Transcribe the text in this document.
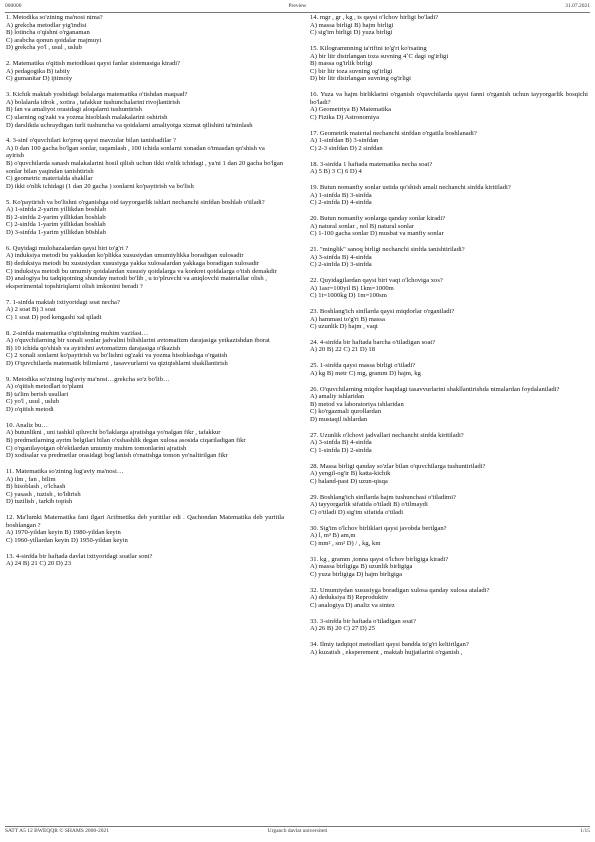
000000	Preview	31.07.2021
1. Metodika so'zining ma'nosi nima?
A) grekcha metodlar yig'indisi
B) lotincha o'qishni o'rganaman
C) arabcha qonun qoidalar majmuyi
D) grekcha yo'l , usul , uslub
2. Matematika o'qitish metodikasi qaysi fanlar sistemasiga kiradi?
A) pedagogika B) tabiiy
C) gumanitar D) ijtimoiy
3. Kichik maktab yoshidagi bolalarga matematika o'tishdan maqsad?
A) bolalarda idrok , xotira , tafakkur tushunchalarini rivojlantirish
B) fan va amaliyot orasidagi aloqalarni tushuntirish
C) ularning og'zaki va yozma hisoblash malakalarini oshirish
D) darslikda uchraydigan turli tushuncha va qoidalarni amaliyotga xizmat qilishini ta'minlash
4. 3-sinf o'quvchilari ko'proq qaysi mavzular bilan tanishadilar ?
A) 0 dan 100 gacha bo'lgan sonlar, raqamlash , 100 ichida sonlarni xonadan o'tmasdan qo'shish va ayirish
B) o'quvchilarda sanash malakalarini hosil qilish uchun ikki o'nlik ichidagi , ya'ni 1 dan 20 gacha bo'lgan sonlar bilan yaqindan tanishtirish
C) geometric materialda shakllar
D) ikki o'nlik ichidagi (1 dan 20 gacha ) sonlarni ko'paytirish va bo'lish
5. Ko'paytirish va bo'lishni o'rganishga oid tayyorgarlik ishlari nechanchi sinfdan boshlab o'tiladi?
A) 1-sinfda 2-yarim yillikdan boshlab
B) 2-sinfda 2-yarim yillikdan boshlab
C) 2-sinfda 1-yarim yillikdan boshlab
D) 3-sinfda 1-yarim yillikdan b0shlab
6. Quyidagi mulohazalardan qaysi biri to'g'ri ?
A) induksiya metodi bu yakkadan ko'plikka xususiydan umumiylikka boradigan xulosadir
B) deduksiya metodi bu xususiydan xususiyga yakka xulosalardan yakkaga boradigan xulosadir
C) induksiya metodi bu umumiy qoidalardan xususiy qoidalarga va konkret qoidalarga o'tish demakdir
D) analogiya bu tadqiqotning shunday metodi bo'lib , u to'plruvchi va aniqlovchi materiallar olish , eksperimental topshiriqlarni olish imkonini beradi ?
7. 1-sinfda maktab ixtiyoridagi soat necha?
A) 2 soat B) 3 soat
C) 1 soat D) pod kengashi xal qiladi
8. 2-sinfda matematika o'qitishning muhim vazifasi…
A) o'quvchilarning bir xonali sonlar jadvalini bilishlarini avtomatizm darajasiga yetkazishdan iborat
B) 10 ichida qo'shish va ayirishni avtomatizm darajasiga o'tkazish
C) 2 xonali sonlarni ko'paytirish va bo'lishni og'zaki va yozma hisoblashga o'rgatish
D) O'quvchilarda matematik bilimlarni , tasavvurlarni va qiziqishlarni shakllantirish
9. Metodika so'zining lug'aviy ma'nosi…grekcha so'z bo'lib…
A) o'qitish metodlari to'plami
B) ta'lim berish usullari
C) yo'l , usul , uslub
D) o'qitish metodi
10. Analiz bu…
A) butunlikni , uni tashkil qiluvchi bo'laklarga ajratishga yo'nalgan fikr , tafakkur
B) predmetlarning ayrim belgilari bilan o'xshashlik degan xulosa asosida ciqariladigan fikr
C) o'rganilayotgan ob'ektlardan umumiy muhim tomonlarini ajratish
D) xodisalar va predmetlar orasidagi bog'lanish o'rnatishga tomon yo'naltirilgan fikr
11. Matematika so'zining lug'aviy ma'nosi…
A) ilm , fan , bilim
B) hisoblash , o'lchash
C) yasash , tuzish , to'ldirish
D) tuzilish , tarkib topish
12. Ma'lumki Matematika fani ilgari Arifmetika deb yuritilar edi . Qachondan Matematika deb yuritila boshlangan ?
A) 1970-yildan keyin B) 1980-yildan keyin
C) 1960-yillardan keyin D) 1950-yildan keyin
13. 4-sinfda bir haftada davlat ixtiyoridagi soatlar soni?
A) 24 B) 21 C) 20 D) 23
14. mgr , gr , kg , ts qaysi o'lchov birligi bo'ladi?
A) massa birligi B) hajm birligi
C) sig'im birligi D) yuza birligi
15. Kilogrammning ta'rifini to'g'ri ko'rsating
A) bir litr distrlangan toza suvning 4˚C dagi og'irligi
B) massa og'irlik birligi
C) bir litr toza suvning og'irligi
D) bir litr distrlangan suvning og'irligi
16. Yuza va hajm birliklarini o'rganish o'quvchilarda qaysi fanni o'rganish uchun tayyorgarlik bosqichi bo'ladi?
A) Geometriya B) Matematika
C) Fizika D) Astronomiya
17. Geometrik material nechanchi sinfdan o'rgatila boshlanadi?
A) 1-sinfdan B) 3-sinfdan
C) 2-3 sinfdan D) 2 sinfdan
18. 3-sinfda 1 haftada matematika necha soat?
A) 5 B) 3 C) 6 D) 4
19. Butun nomanfiy sonlar ustida qo'shish amali nechanchi sinfda kiritiladi?
A) 1-sinfda B) 3-sinfda
C) 2-sinfda D) 4-sinfda
20. Butun nomanfiy sonlarga qanday sonlar kiradi?
A) natural sonlar , nol B) natural sonlar
C) 1-100 gacha sonlar D) musbat va manfiy sonlar
21. "minglik" sanoq birligi nechanchi sinfda tanishtiriladi?
A) 3-sinfda B) 4-sinfda
C) 2-sinfda D) 3-sinfda
22. Quyidagilardan qaysi biri vaqt o'lchoviga xos?
A) 1asr=100yil B) 1km=1000m
C) 1t=1000kg D) 1m=100sm
23. Boshlang'ich sinflarda qaysi miqdorlar o'rganiladi?
A) hammasi to'g'ri B) massa
C) uzunlik D) hajm , vaqt
24. 4-sinfda bir haftada barcha o'tiladigan soat?
A) 20 B) 22 C) 21 D) 18
25. 1-sinfda qaysi massa birligi o'tiladi?
A) kg B) metr C) mg, gramm D) hajm, kg
26. O'quvchilarning miqdor haqidagi tasavvurlarini shakllantirishda nimalardan foydalaniladi?
A) amaliy ishlaridan
B) metod va laboratoriya ishlaridan
C) ko'rgazmali qurollardan
D) mustaqil ishlardan
27. Uzunlik o'lchovi jadvallari nechanchi sinfda kiritiladi?
A) 3-sinfda B) 4-sinfda
C) 1-sinfda D) 2-sinfda
28. Massa birligi qanday so'zlar bilan o'quvchilarga tushuntiriladi?
A) yengil-og'ir B) katta-kichik
C) baland-past D) uzun-qisqa
29. Boshlang'ich sinflarda hajm tushunchasi o'tiladimi?
A) tayyorgarlik sifatida o'tiladi B) o'tilmaydi
C) o'tiladi D) sig'im sifatida o'tiladi
30. Sig'im o'lchov birliklari qaysi javobda berilgan?
A) l, m³ B) am,m
C) mm² , sm² D) / , kg, km
31. kg , gramm ,tonna qaysi o'lchov birligiga kiradi?
A) massa birligiga B) uzunlik birligiga
C) yuza birligiga D) hajm birligiga
32. Umumiydan xususiyga boradigan xulosa qanday xulosa ataladi?
A) deduksiya B) Reproduktiv
C) analogiya D) analiz va sintez
33. 3-sinfda bir haftada o'tiladigan soat?
A) 26 B) 20 C) 27 D) 25
34. Ilmiy tadqiqot metodlari qaysi bandda to'g'ri keltirilgan?
A) kuzatish , eksperement , maktab hujjatlarini o'rganish ,
SATT A5 12 BWEQQR © SHAMS 2008-2021	Urganch davlat universiteti	1/15
